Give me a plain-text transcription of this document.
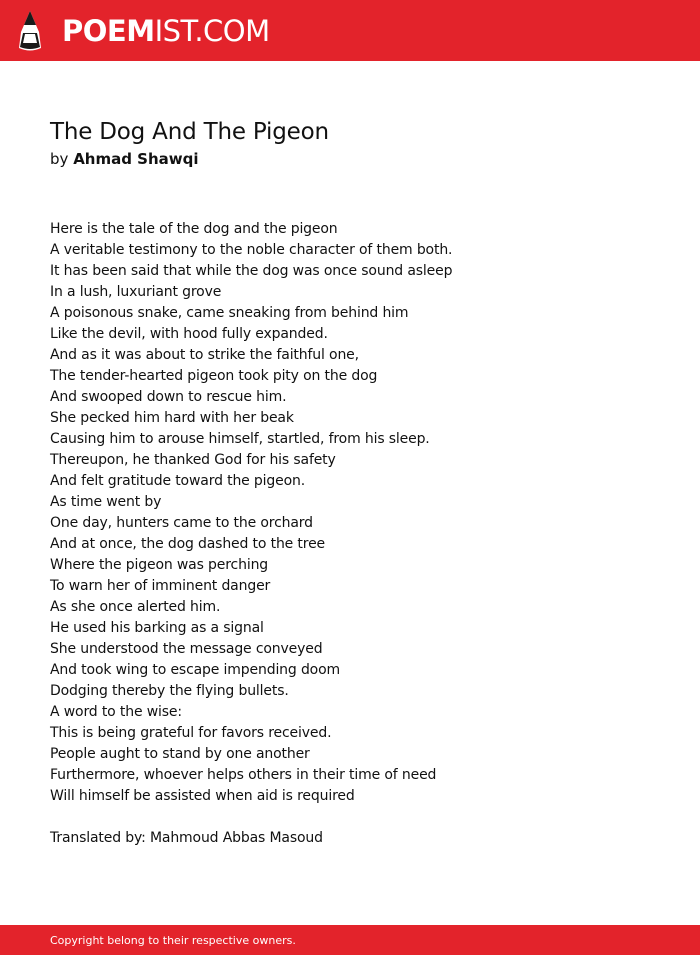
POEMIST.COM
The Dog And The Pigeon
by Ahmad Shawqi
Here is the tale of the dog and the pigeon
A veritable testimony to the noble character of them both.
It has been said that while the dog was once sound asleep
In a lush, luxuriant grove
A poisonous snake, came sneaking from behind him
Like the devil, with hood fully expanded.
And as it was about to strike the faithful one,
The tender-hearted pigeon took pity on the dog
And swooped down to rescue him.
She pecked him hard with her beak
Causing him to arouse himself, startled, from his sleep.
Thereupon, he thanked God for his safety
And felt gratitude toward the pigeon.
As time went by
One day, hunters came to the orchard
And at once, the dog dashed to the tree
Where the pigeon was perching
To warn her of imminent danger
As she once alerted him.
He used his barking as a signal
She understood the message conveyed
And took wing to escape impending doom
Dodging thereby the flying bullets.
A word to the wise:
This is being grateful for favors received.
People aught to stand by one another
Furthermore, whoever helps others in their time of need
Will himself be assisted when aid is required
Translated by: Mahmoud Abbas Masoud
Copyright belong to their respective owners.
